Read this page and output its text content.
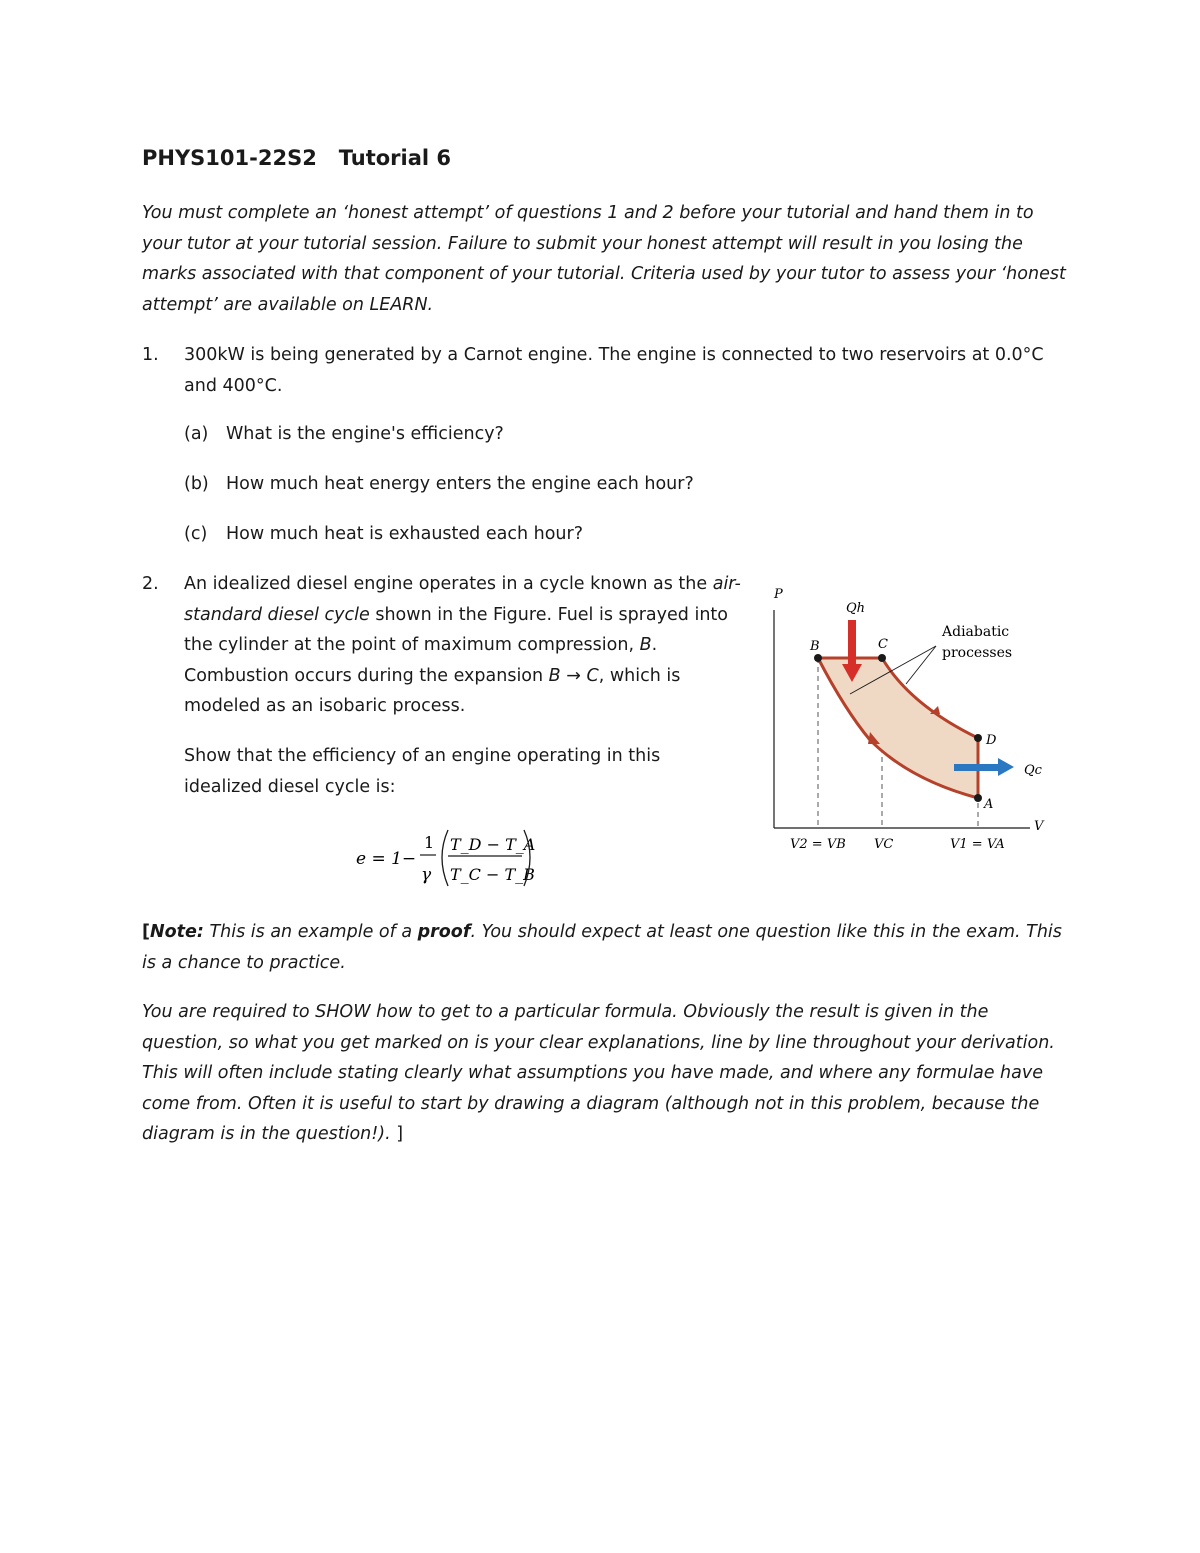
PHYS101-22S2   Tutorial 6
You must complete an ‘honest attempt’ of questions 1 and 2 before your tutorial and hand them in to your tutor at your tutorial session. Failure to submit your honest attempt will result in you losing the marks associated with that component of your tutorial. Criteria used by your tutor to assess your ‘honest attempt’ are available on LEARN.
1. 300kW is being generated by a Carnot engine. The engine is connected to two reservoirs at 0.0°C and 400°C.
(a) What is the engine's efficiency?
(b) How much heat energy enters the engine each hour?
(c) How much heat is exhausted each hour?
2. An idealized diesel engine operates in a cycle known as the air-standard diesel cycle shown in the Figure. Fuel is sprayed into the cylinder at the point of maximum compression, B. Combustion occurs during the expansion B → C, which is modeled as an isobaric process.
Show that the efficiency of an engine operating in this idealized diesel cycle is:
e = 1−
1
γ
T_D − T_A
T_C − T_B
P
V
B	C
D
A
Qh
Qc
Adiabatic
processes
V2 = VB VC	V1 = VA
[Note: This is an example of a proof. You should expect at least one question like this in the exam. This is a chance to practice.
You are required to SHOW how to get to a particular formula. Obviously the result is given in the question, so what you get marked on is your clear explanations, line by line throughout your derivation. This will often include stating clearly what assumptions you have made, and where any formulae have come from. Often it is useful to start by drawing a diagram (although not in this problem, because the diagram is in the question!). ]
